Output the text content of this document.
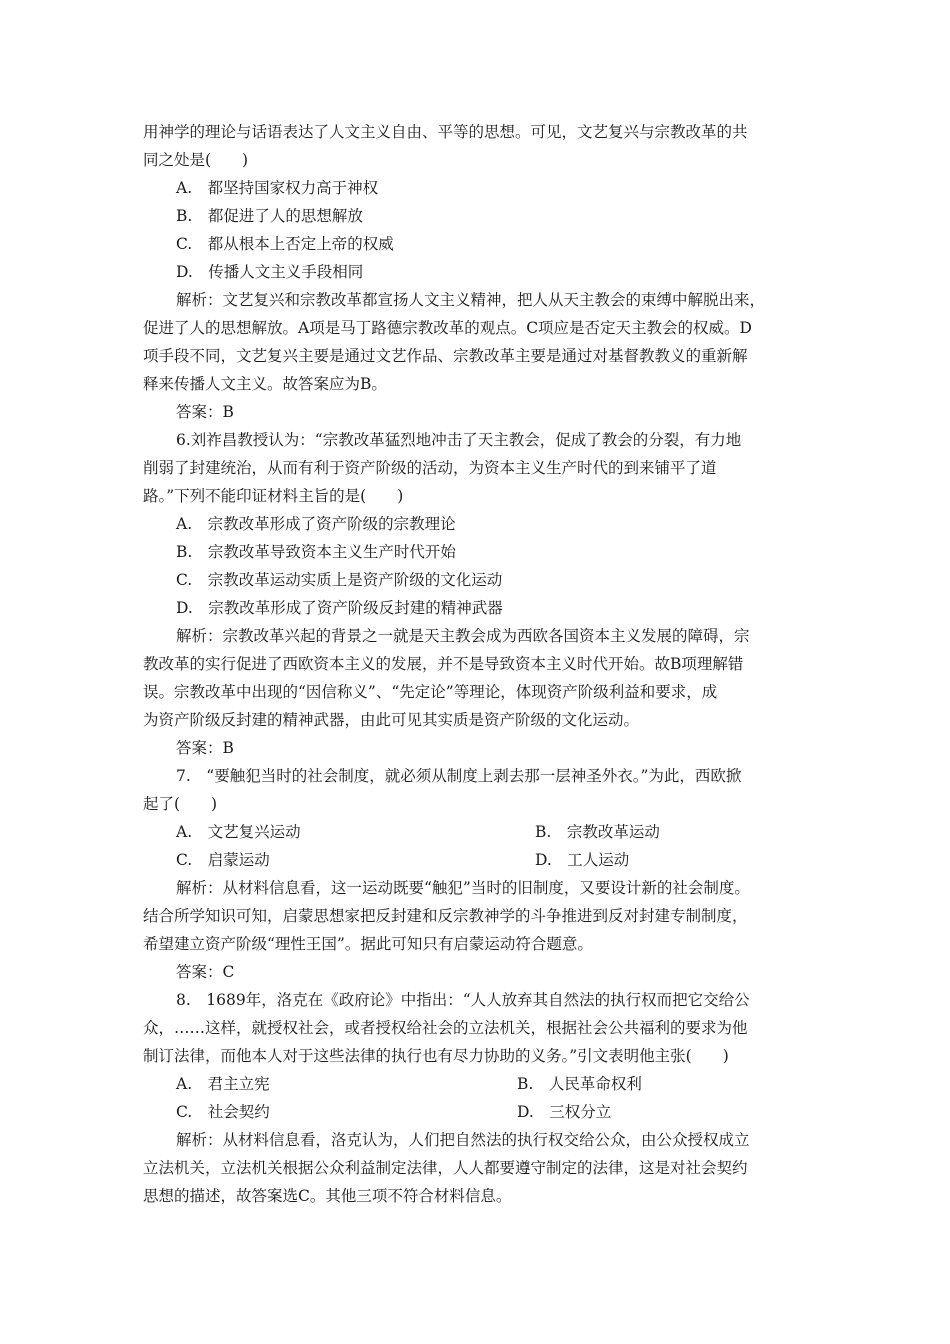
用神学的理论与话语表达了人文主义自由、平等的思想。可见，文艺复兴与宗教改革的共
同之处是(　　)
A.　都坚持国家权力高于神权
B.　都促进了人的思想解放
C.　都从根本上否定上帝的权威
D.　传播人文主义手段相同
解析：文艺复兴和宗教改革都宣扬人文主义精神，把人从天主教会的束缚中解脱出来，
促进了人的思想解放。A项是马丁路德宗教改革的观点。C项应是否定天主教会的权威。D
项手段不同，文艺复兴主要是通过文艺作品、宗教改革主要是通过对基督教教义的重新解
释来传播人文主义。故答案应为B。
答案：B
6.刘祚昌教授认为：“宗教改革猛烈地冲击了天主教会，促成了教会的分裂，有力地
削弱了封建统治，从而有利于资产阶级的活动，为资本主义生产时代的到来铺平了道
路。”下列不能印证材料主旨的是(　　)
A.　宗教改革形成了资产阶级的宗教理论
B.　宗教改革导致资本主义生产时代开始
C.　宗教改革运动实质上是资产阶级的文化运动
D.　宗教改革形成了资产阶级反封建的精神武器
解析：宗教改革兴起的背景之一就是天主教会成为西欧各国资本主义发展的障碍，宗
教改革的实行促进了西欧资本主义的发展，并不是导致资本主义时代开始。故B项理解错
误。宗教改革中出现的“因信称义”、“先定论”等理论，体现资产阶级利益和要求，成
为资产阶级反封建的精神武器，由此可见其实质是资产阶级的文化运动。
答案：B
7.　“要触犯当时的社会制度，就必须从制度上剥去那一层神圣外衣。”为此，西欧掀
起了(　　)
A.　文艺复兴运动	B.　宗教改革运动
C.　启蒙运动	D.　工人运动
解析：从材料信息看，这一运动既要“触犯”当时的旧制度，又要设计新的社会制度。
结合所学知识可知，启蒙思想家把反封建和反宗教神学的斗争推进到反对封建专制制度，
希望建立资产阶级“理性王国”。据此可知只有启蒙运动符合题意。
答案：C
8.　1689年，洛克在《政府论》中指出：“人人放弃其自然法的执行权而把它交给公
众，……这样，就授权社会，或者授权给社会的立法机关，根据社会公共福利的要求为他
制订法律，而他本人对于这些法律的执行也有尽力协助的义务。”引文表明他主张(　　)
A.　君主立宪	B.　人民革命权利
C.　社会契约	D.　三权分立
解析：从材料信息看，洛克认为，人们把自然法的执行权交给公众，由公众授权成立
立法机关，立法机关根据公众利益制定法律，人人都要遵守制定的法律，这是对社会契约
思想的描述，故答案选C。其他三项不符合材料信息。
